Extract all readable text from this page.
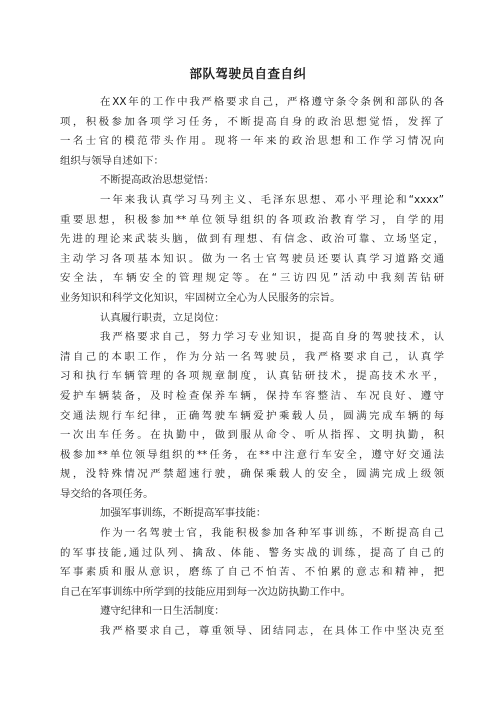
部队驾驶员自查自纠
在XX年的工作中我严格要求自己，严格遵守条令条例和部队的各
项，积极参加各项学习任务，不断提高自身的政治思想觉悟，发挥了
一名士官的模范带头作用。现将一年来的政治思想和工作学习情况向
组织与领导自述如下：
不断提高政治思想觉悟：
一年来我认真学习马列主义、毛泽东思想、邓小平理论和“xxxx”
重要思想，积极参加**单位领导组织的各项政治教育学习，自学的用
先进的理论来武装头脑，做到有理想、有信念、政治可靠、立场坚定，
主动学习各项基本知识。做为一名士官驾驶员还要认真学习道路交通
安全法，车辆安全的管理规定等。在“三访四见”活动中我刻苦钻研
业务知识和科学文化知识，牢固树立全心为人民服务的宗旨。
认真履行职责，立足岗位：
我严格要求自己，努力学习专业知识，提高自身的驾驶技术，认
清自己的本职工作，作为分站一名驾驶员，我严格要求自己，认真学
习和执行车辆管理的各项规章制度，认真钻研技术，提高技术水平，
爱护车辆装备，及时检查保养车辆，保持车容整洁、车况良好、遵守
交通法规行车纪律，正确驾驶车辆爱护乘载人员，圆满完成车辆的每
一次出车任务。在执勤中，做到服从命令、听从指挥、文明执勤，积
极参加**单位领导组织的**任务，在**中注意行车安全，遵守好交通法
规，没特殊情况严禁超速行驶，确保乘载人的安全，圆满完成上级领
导交给的各项任务。
加强军事训练，不断提高军事技能：
作为一名驾驶士官，我能积极参加各种军事训练，不断提高自己
的军事技能,通过队列、擒敌、体能、警务实战的训练，提高了自己的
军事素质和服从意识，磨练了自己不怕苦、不怕累的意志和精神，把
自己在军事训练中所学到的技能应用到每一次边防执勤工作中。
遵守纪律和一日生活制度：
我严格要求自己，尊重领导、团结同志，在具体工作中坚决克至
